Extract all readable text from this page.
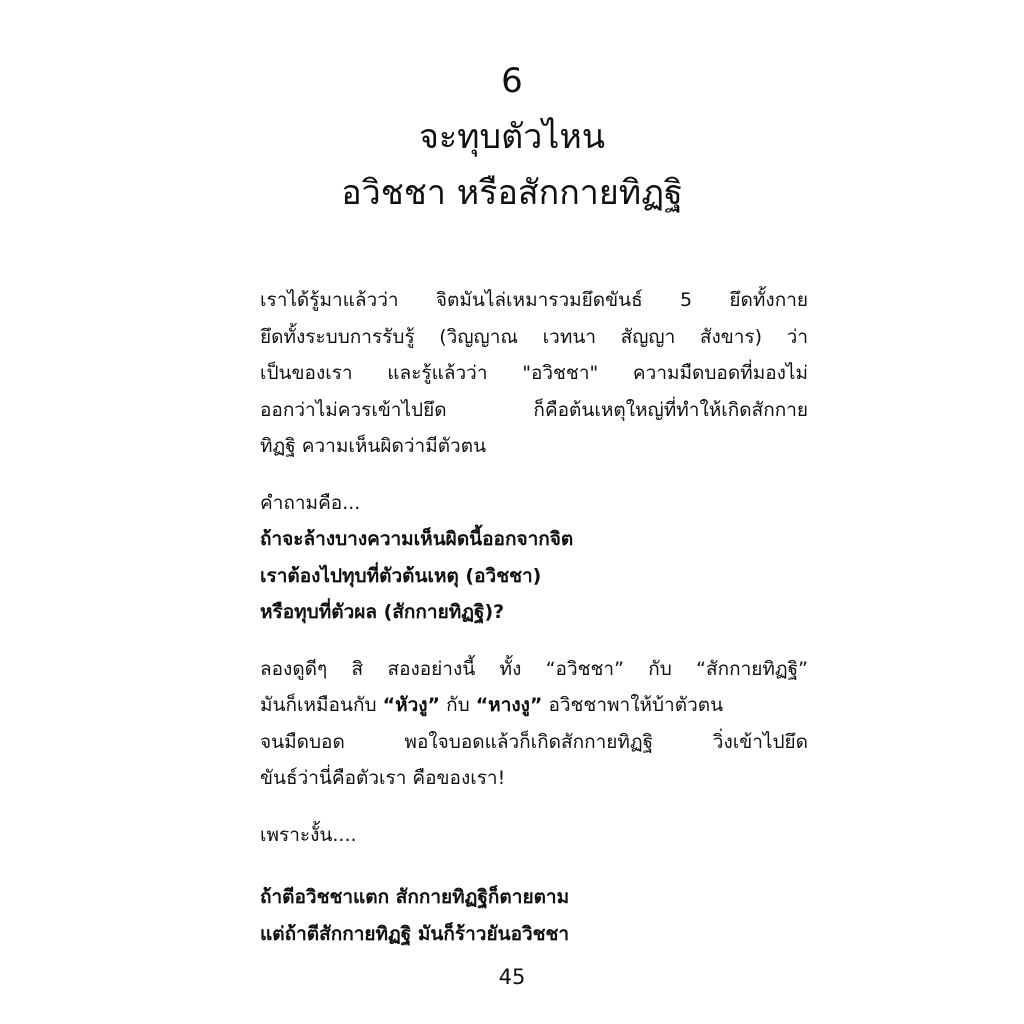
6
จะทุบตัวไหน
อวิชชา หรือสักกายทิฏฐิ
เราได้รู้มาแล้วว่า จิตมันไล่เหมารวมยึดขันธ์ 5 ยึดทั้งกาย
ยึดทั้งระบบการรับรู้ (วิญญาณ เวทนา สัญญา สังขาร) ว่า
เป็นของเรา และรู้แล้วว่า "อวิชชา" ความมืดบอดที่มองไม่
ออกว่าไม่ควรเข้าไปยึด ก็คือต้นเหตุใหญ่ที่ทำให้เกิดสักกาย
ทิฏฐิ ความเห็นผิดว่ามีตัวตน
คำถามคือ...
ถ้าจะล้างบางความเห็นผิดนี้ออกจากจิต
เราต้องไปทุบที่ตัวต้นเหตุ (อวิชชา)
หรือทุบที่ตัวผล (สักกายทิฏฐิ)?
ลองดูดีๆ สิ สองอย่างนี้ ทั้ง “อวิชชา” กับ “สักกายทิฏฐิ”
มันก็เหมือนกับ “หัวงู” กับ “หางงู” อวิชชาพาให้บ้าตัวตน
จนมืดบอด พอใจบอดแล้วก็เกิดสักกายทิฏฐิ วิ่งเข้าไปยึด
ขันธ์ว่านี่คือตัวเรา คือของเรา!
เพราะงั้น....
ถ้าตีอวิชชาแตก สักกายทิฏฐิก็ตายตาม
แต่ถ้าตีสักกายทิฏฐิ มันก็ร้าวยันอวิชชา
45
